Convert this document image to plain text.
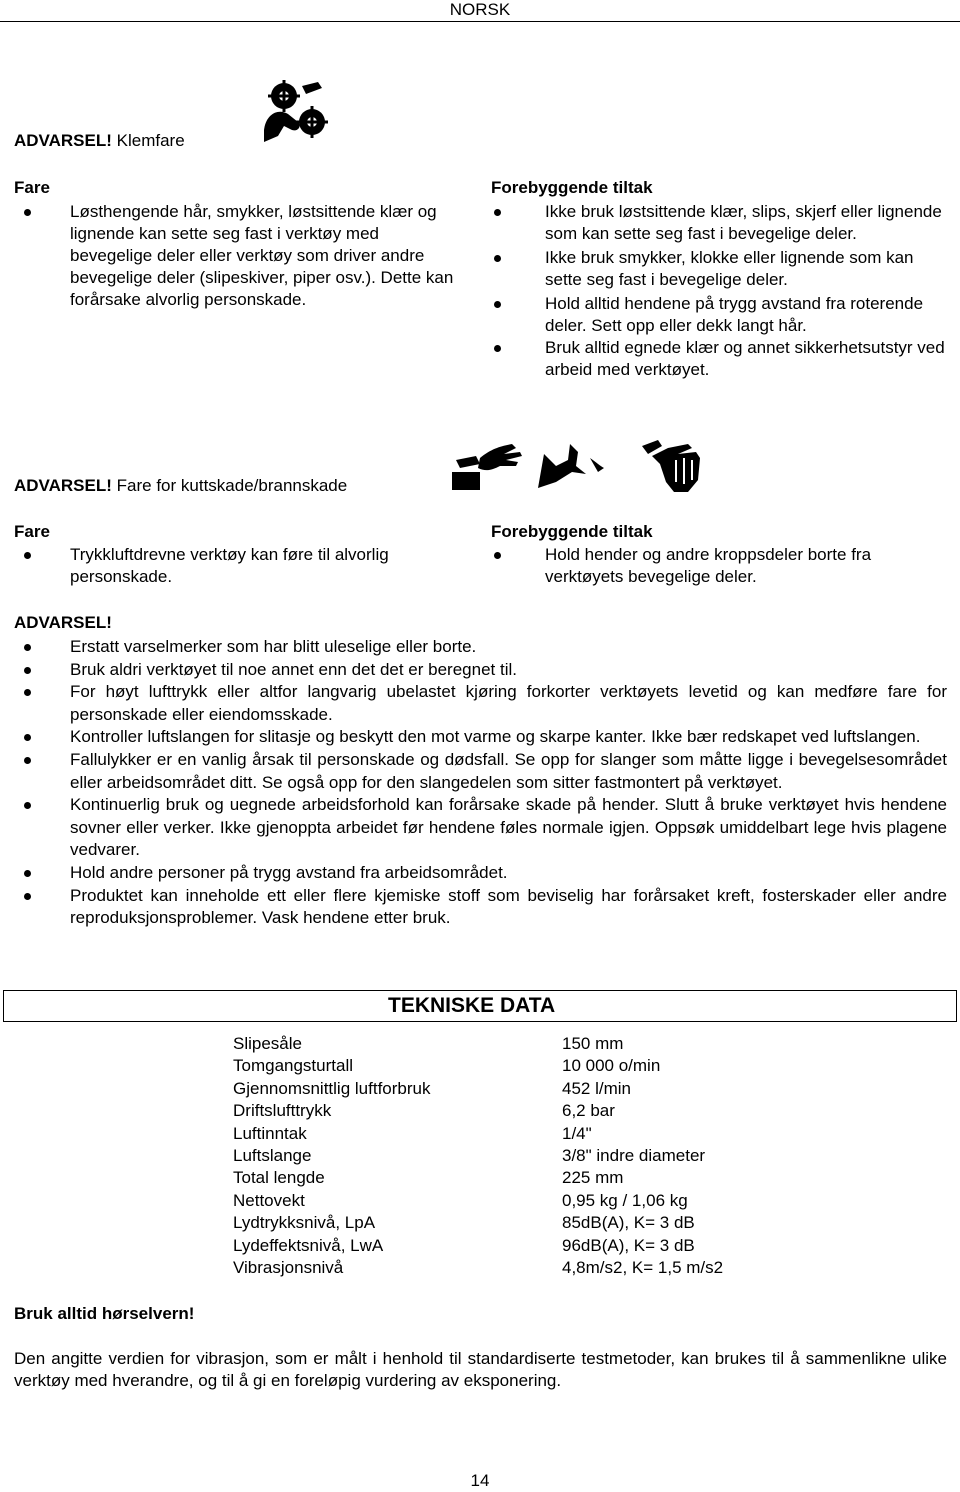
NORSK
ADVARSEL! Klemfare
Fare
Løsthengende hår, smykker, løstsittende klær og lignende kan sette seg fast i verktøy med bevegelige deler eller verktøy som driver andre bevegelige deler (slipeskiver, piper osv.). Dette kan forårsake alvorlig personskade.
Forebyggende tiltak
Ikke bruk løstsittende klær, slips, skjerf eller lignende som kan sette seg fast i bevegelige deler.
Ikke bruk smykker, klokke eller lignende som kan sette seg fast i bevegelige deler.
Hold alltid hendene på trygg avstand fra roterende deler. Sett opp eller dekk langt hår.
Bruk alltid egnede klær og annet sikkerhetsutstyr ved arbeid med verktøyet.
ADVARSEL! Fare for kuttskade/brannskade
Fare
Trykkluftdrevne verktøy kan føre til alvorlig personskade.
Forebyggende tiltak
Hold hender og andre kroppsdeler borte fra verktøyets bevegelige deler.
ADVARSEL!
Erstatt varselmerker som har blitt uleselige eller borte.
Bruk aldri verktøyet til noe annet enn det det er beregnet til.
For høyt lufttrykk eller altfor langvarig ubelastet kjøring forkorter verktøyets levetid og kan medføre fare for personskade eller eiendomsskade.
Kontroller luftslangen for slitasje og beskytt den mot varme og skarpe kanter. Ikke bær redskapet ved luftslangen.
Fallulykker er en vanlig årsak til personskade og dødsfall. Se opp for slanger som måtte ligge i bevegelsesområdet eller arbeidsområdet ditt. Se også opp for den slangedelen som sitter fastmontert på verktøyet.
Kontinuerlig bruk og uegnede arbeidsforhold kan forårsake skade på hender. Slutt å bruke verktøyet hvis hendene sovner eller verker. Ikke gjenoppta arbeidet før hendene føles normale igjen. Oppsøk umiddelbart lege hvis plagene vedvarer.
Hold andre personer på trygg avstand fra arbeidsområdet.
Produktet kan inneholde ett eller flere kjemiske stoff som beviselig har forårsaket kreft, fosterskader eller andre reproduksjonsproblemer. Vask hendene etter bruk.
TEKNISKE DATA
Slipesåle	150 mm
Tomgangsturtall	10 000 o/min
Gjennomsnittlig luftforbruk	452 l/min
Driftslufttrykk	6,2 bar
Luftinntak	1/4"
Luftslange	3/8" indre diameter
Total lengde	225 mm
Nettovekt	0,95 kg / 1,06 kg
Lydtrykksnivå, LpA	85dB(A), K= 3 dB
Lydeffektsnivå, LwA	96dB(A), K= 3 dB
Vibrasjonsnivå	4,8m/s2, K= 1,5 m/s2
Bruk alltid hørselvern!
Den angitte verdien for vibrasjon, som er målt i henhold til standardiserte testmetoder, kan brukes til å sammenlikne ulike verktøy med hverandre, og til å gi en foreløpig vurdering av eksponering.
14
